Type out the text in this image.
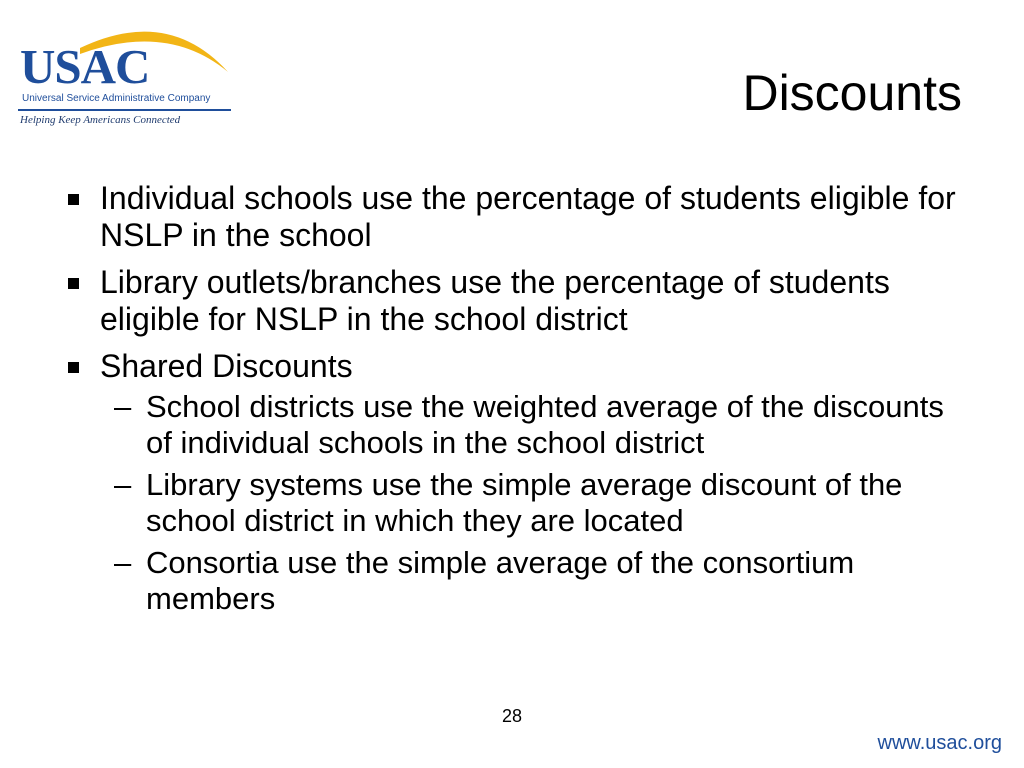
USAC
Universal Service Administrative Company
Helping Keep Americans Connected	Discounts
Individual schools use the percentage of students eligible for NSLP in the school
Library outlets/branches use the percentage of students eligible for NSLP in the school district
Shared Discounts
– School districts use the weighted average of the discounts of individual schools in the school district
– Library systems use the simple average discount of the school district in which they are located
– Consortia use the simple average of the consortium members
28
www.usac.org
